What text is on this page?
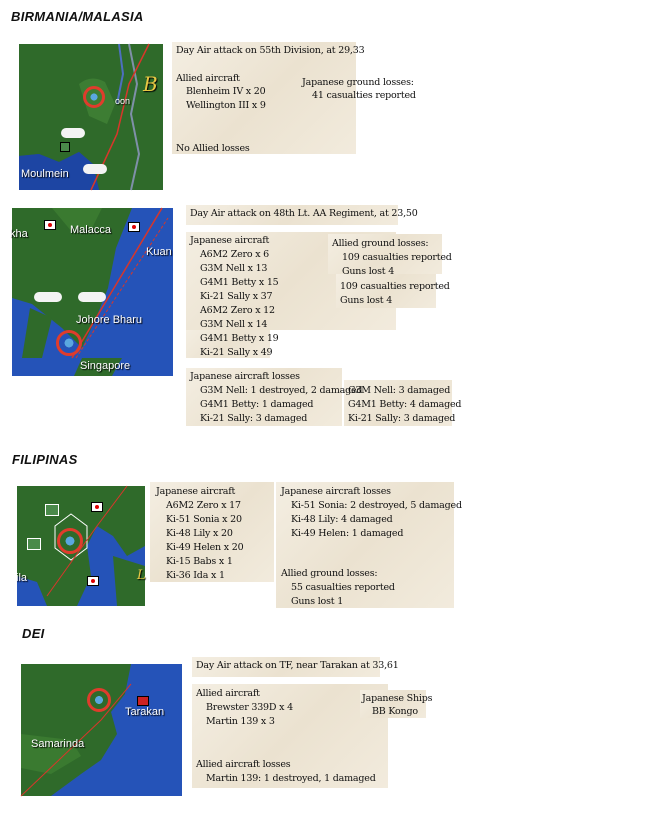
BIRMANIA/MALASIA
Moulmein
oon
B
Day Air attack on 55th Division, at 29,33
Allied aircraft
Blenheim IV x 20
Wellington III x 9
Japanese ground losses:
41 casualties reported
No Allied losses
Malacca
Kuan
Johore Bharu
Singapore
kha
Day Air attack on 48th Lt. AA Regiment, at 23,50
Japanese aircraft
A6M2 Zero x 6
G3M Nell x 13
G4M1 Betty x 15
Ki-21 Sally x 37
A6M2 Zero x 12
G3M Nell x 14
G4M1 Betty x 19
Ki-21 Sally x 49
Allied ground losses:
109 casualties reported
Guns lost 4
109 casualties reported
Guns lost 4
Japanese aircraft losses
G3M Nell: 1 destroyed, 2 damaged
G4M1 Betty: 1 damaged
Ki-21 Sally: 3 damaged
G3M Nell: 3 damaged
G4M1 Betty: 4 damaged
Ki-21 Sally: 3 damaged
FILIPINAS
ila	L
Japanese aircraft
A6M2 Zero x 17
Ki-51 Sonia x 20
Ki-48 Lily x 20
Ki-49 Helen x 20
Ki-15 Babs x 1
Ki-36 Ida x 1
Japanese aircraft losses
Ki-51 Sonia: 2 destroyed, 5 damaged
Ki-48 Lily: 4 damaged
Ki-49 Helen: 1 damaged
Allied ground losses:
55 casualties reported
Guns lost 1
DEI
Tarakan
Samarinda
Day Air attack on TF, near Tarakan at 33,61
Allied aircraft
Brewster 339D x 4
Martin 139 x 3
Allied aircraft losses
Martin 139: 1 destroyed, 1 damaged
Japanese Ships
BB Kongo
